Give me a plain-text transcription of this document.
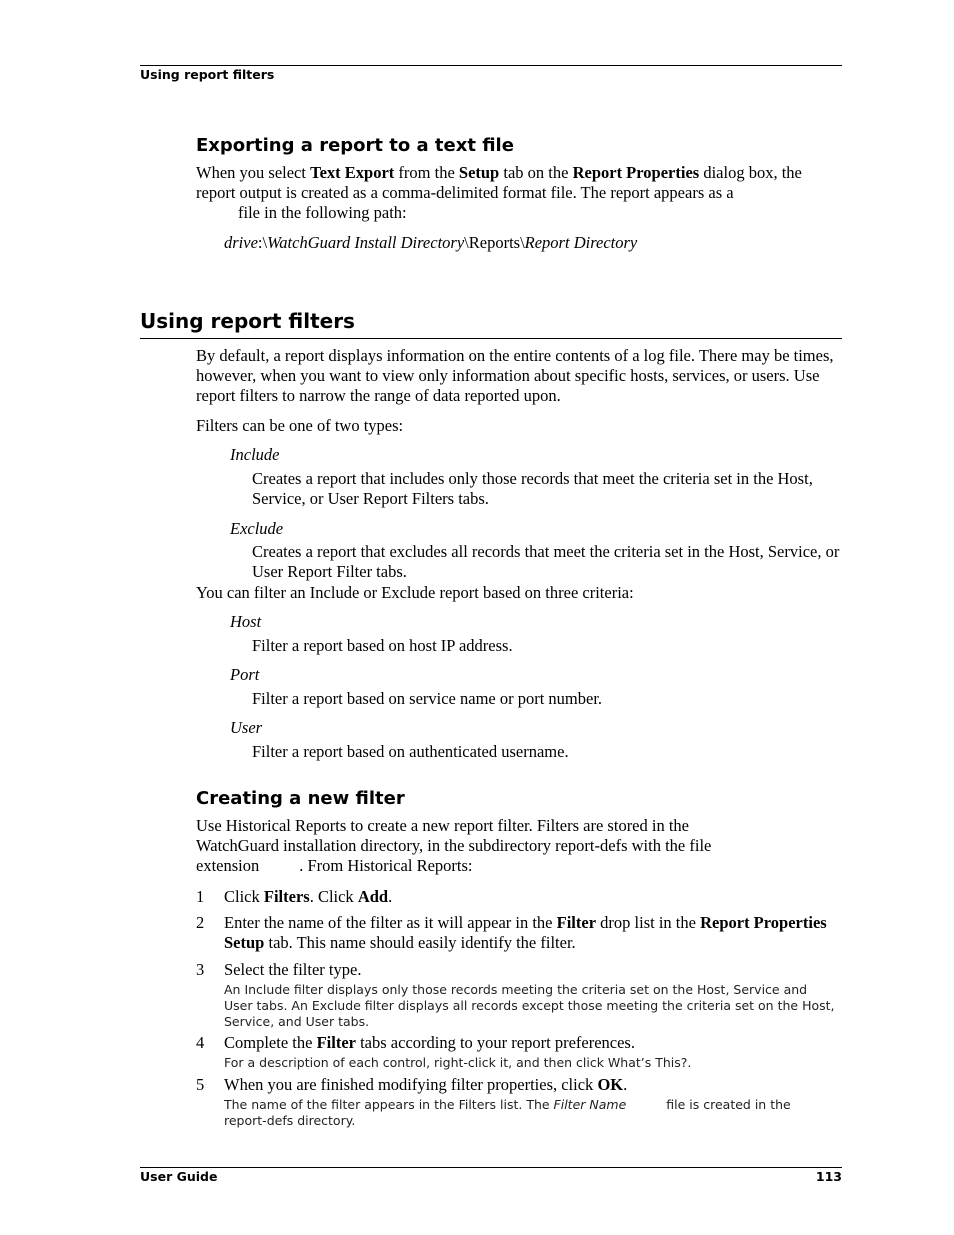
Using report filters
Exporting a report to a text file
When you select Text Export from the Setup tab on the Report Properties dialog box, the report output is created as a comma-delimited format file. The report appears as a
file in the following path:
drive:\WatchGuard Install Directory\Reports\Report Directory
Using report filters
By default, a report displays information on the entire contents of a log file. There may be times, however, when you want to view only information about specific hosts, services, or users. Use report filters to narrow the range of data reported upon.
Filters can be one of two types:
Include
Creates a report that includes only those records that meet the criteria set in the Host, Service, or User Report Filters tabs.
Exclude
Creates a report that excludes all records that meet the criteria set in the Host, Service, or User Report Filter tabs.
You can filter an Include or Exclude report based on three criteria:
Host
Filter a report based on host IP address.
Port
Filter a report based on service name or port number.
User
Filter a report based on authenticated username.
Creating a new filter
Use Historical Reports to create a new report filter. Filters are stored in the
WatchGuard installation directory, in the subdirectory report-defs with the file
extension . From Historical Reports:
1 Click Filters. Click Add.
2 Enter the name of the filter as it will appear in the Filter drop list in the Report Properties Setup tab. This name should easily identify the filter.
3 Select the filter type.
An Include filter displays only those records meeting the criteria set on the Host, Service and User tabs. An Exclude filter displays all records except those meeting the criteria set on the Host, Service, and User tabs.
4 Complete the Filter tabs according to your report preferences.
For a description of each control, right-click it, and then click What’s This?.
5 When you are finished modifying filter properties, click OK.
The name of the filter appears in the Filters list. The Filter Name	file is created in the report-defs directory.
User Guide	113
